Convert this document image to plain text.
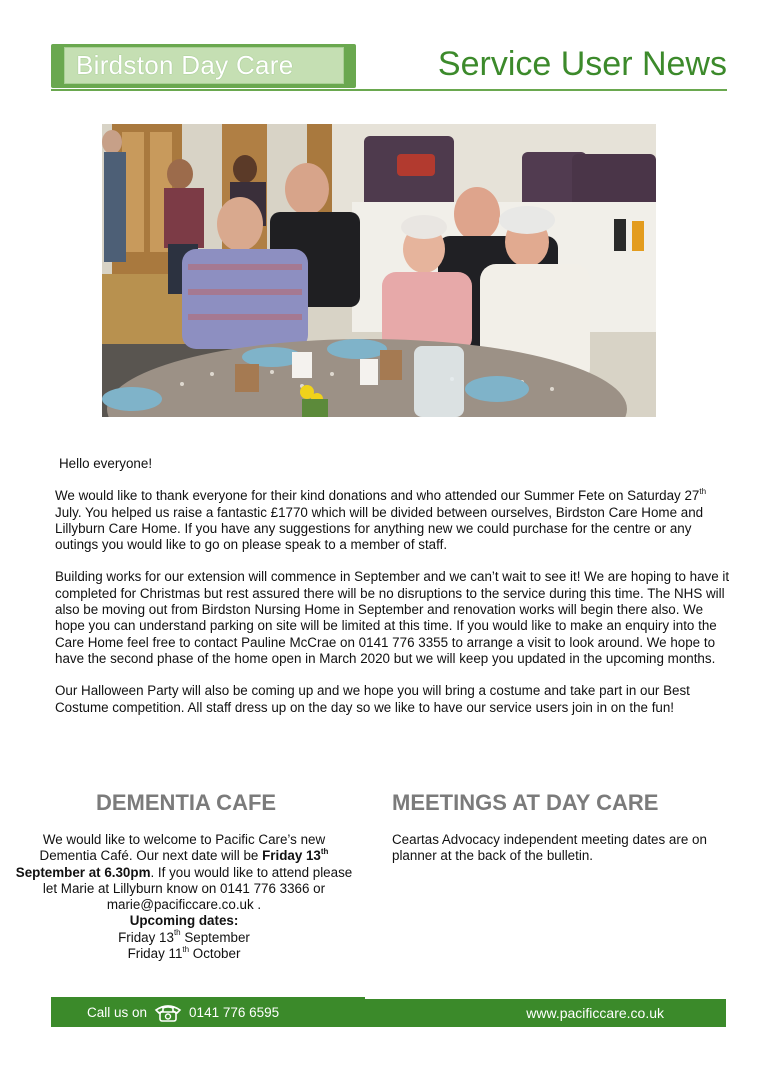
Birdston Day Care	Service User News

Hello everyone!

We would like to thank everyone for their kind donations and who attended our Summer Fete on Saturday 27th July. You helped us raise a fantastic £1770 which will be divided between ourselves, Birdston Care Home and Lillyburn Care Home. If you have any suggestions for anything new we could purchase for the centre or any outings you would like to go on please speak to a member of staff.

Building works for our extension will commence in September and we can’t wait to see it! We are hoping to have it completed for Christmas but rest assured there will be no disruptions to the service during this time. The NHS will also be moving out from Birdston Nursing Home in September and renovation works will begin there also. We hope you can understand parking on site will be limited at this time. If you would like to make an enquiry into the Care Home feel free to contact Pauline McCrae on 0141 776 3355 to arrange a visit to look around. We hope to have the second phase of the home open in March 2020 but we will keep you updated in the upcoming months.

Our Halloween Party will also be coming up and we hope you will bring a costume and take part in our Best Costume competition. All staff dress up on the day so we like to have our service users join in on the fun!

DEMENTIA CAFE
We would like to welcome to Pacific Care’s new Dementia Café. Our next date will be Friday 13th September at 6.30pm. If you would like to attend please let Marie at Lillyburn know on 0141 776 3366 or marie@pacificcare.co.uk .
Upcoming dates:
Friday 13th September
Friday 11th October
MEETINGS AT DAY CARE
Ceartas Advocacy independent meeting dates are on planner at the back of the bulletin.
Call us on	0141 776 6595	www.pacificcare.co.uk
